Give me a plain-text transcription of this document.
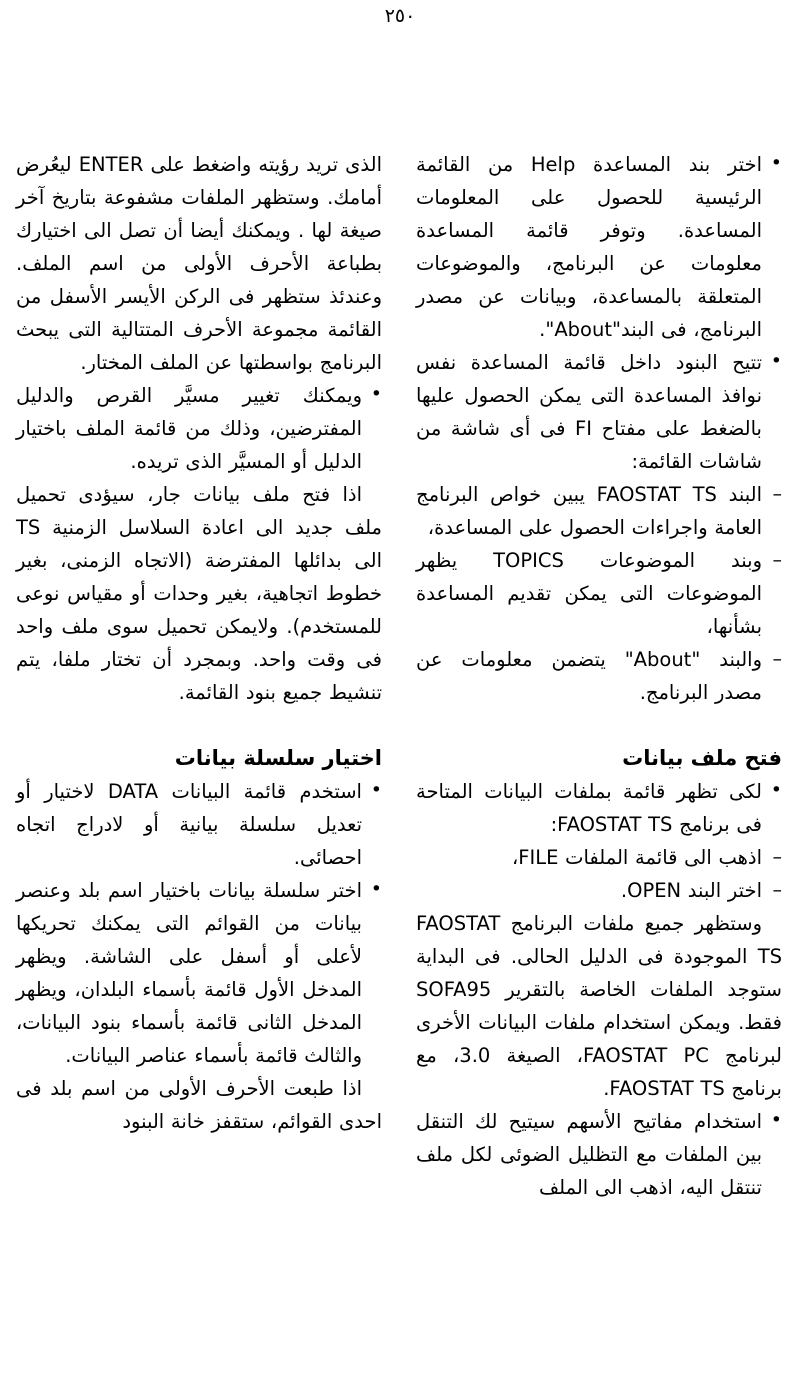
٢٥٠

• اختر بند المساعدة Help من القائمة الرئيسية للحصول على المعلومات المساعدة. وتوفر قائمة المساعدة معلومات عن البرنامج، والموضوعات المتعلقة بالمساعدة، وبيانات عن مصدر البرنامج، فى البند"About".

• تتيح البنود داخل قائمة المساعدة نفس نوافذ المساعدة التى يمكن الحصول عليها بالضغط على مفتاح FI فى أى شاشة من شاشات القائمة:

– البند FAOSTAT TS يبين خواص البرنامج العامة واجراءات الحصول على المساعدة،

– وبند الموضوعات TOPICS يظهر الموضوعات التى يمكن تقديم المساعدة بشأنها،

– والبند "About" يتضمن معلومات عن مصدر البرنامج.

فتح ملف بيانات

• لكى تظهر قائمة بملفات البيانات المتاحة فى برنامج FAOSTAT TS:

– اذهب الى قائمة الملفات FILE،

– اختر البند OPEN.

وستظهر جميع ملفات البرنامج FAOSTAT TS الموجودة فى الدليل الحالى. فى البداية ستوجد الملفات الخاصة بالتقرير SOFA95 فقط. ويمكن استخدام ملفات البيانات الأخرى لبرنامج FAOSTAT PC، الصيغة 3.0، مع برنامج FAOSTAT TS.

• استخدام مفاتيح الأسهم سيتيح لك التنقل بين الملفات مع التظليل الضوئى لكل ملف تنتقل اليه، اذهب الى الملف

الذى تريد رؤيته واضغط على ENTER ليعُرض أمامك. وستظهر الملفات مشفوعة بتاريخ آخر صيغة لها . ويمكنك أيضا أن تصل الى اختيارك بطباعة الأحرف الأولى من اسم الملف. وعندئذ ستظهر فى الركن الأيسر الأسفل من القائمة مجموعة الأحرف المتتالية التى يبحث البرنامج بواسطتها عن الملف المختار.

• ويمكنك تغيير مسيَّر القرص والدليل المفترضين، وذلك من قائمة الملف باختيار الدليل أو المسيَّر الذى تريده.

اذا فتح ملف بيانات جار، سيؤدى تحميل ملف جديد الى اعادة السلاسل الزمنية TS الى بدائلها المفترضة (الاتجاه الزمنى، بغير خطوط اتجاهية، بغير وحدات أو مقياس نوعى للمستخدم). ولايمكن تحميل سوى ملف واحد فى وقت واحد. وبمجرد أن تختار ملفا، يتم تنشيط جميع بنود القائمة.

اختيار سلسلة بيانات

• استخدم قائمة البيانات DATA لاختيار أو تعديل سلسلة بيانية أو لادراج اتجاه احصائى.

• اختر سلسلة بيانات باختيار اسم بلد وعنصر بيانات من القوائم التى يمكنك تحريكها لأعلى أو أسفل على الشاشة. ويظهر المدخل الأول قائمة بأسماء البلدان، ويظهر المدخل الثانى قائمة بأسماء بنود البيانات، والثالث قائمة بأسماء عناصر البيانات.

اذا طبعت الأحرف الأولى من اسم بلد فى احدى القوائم، ستقفز خانة البنود
